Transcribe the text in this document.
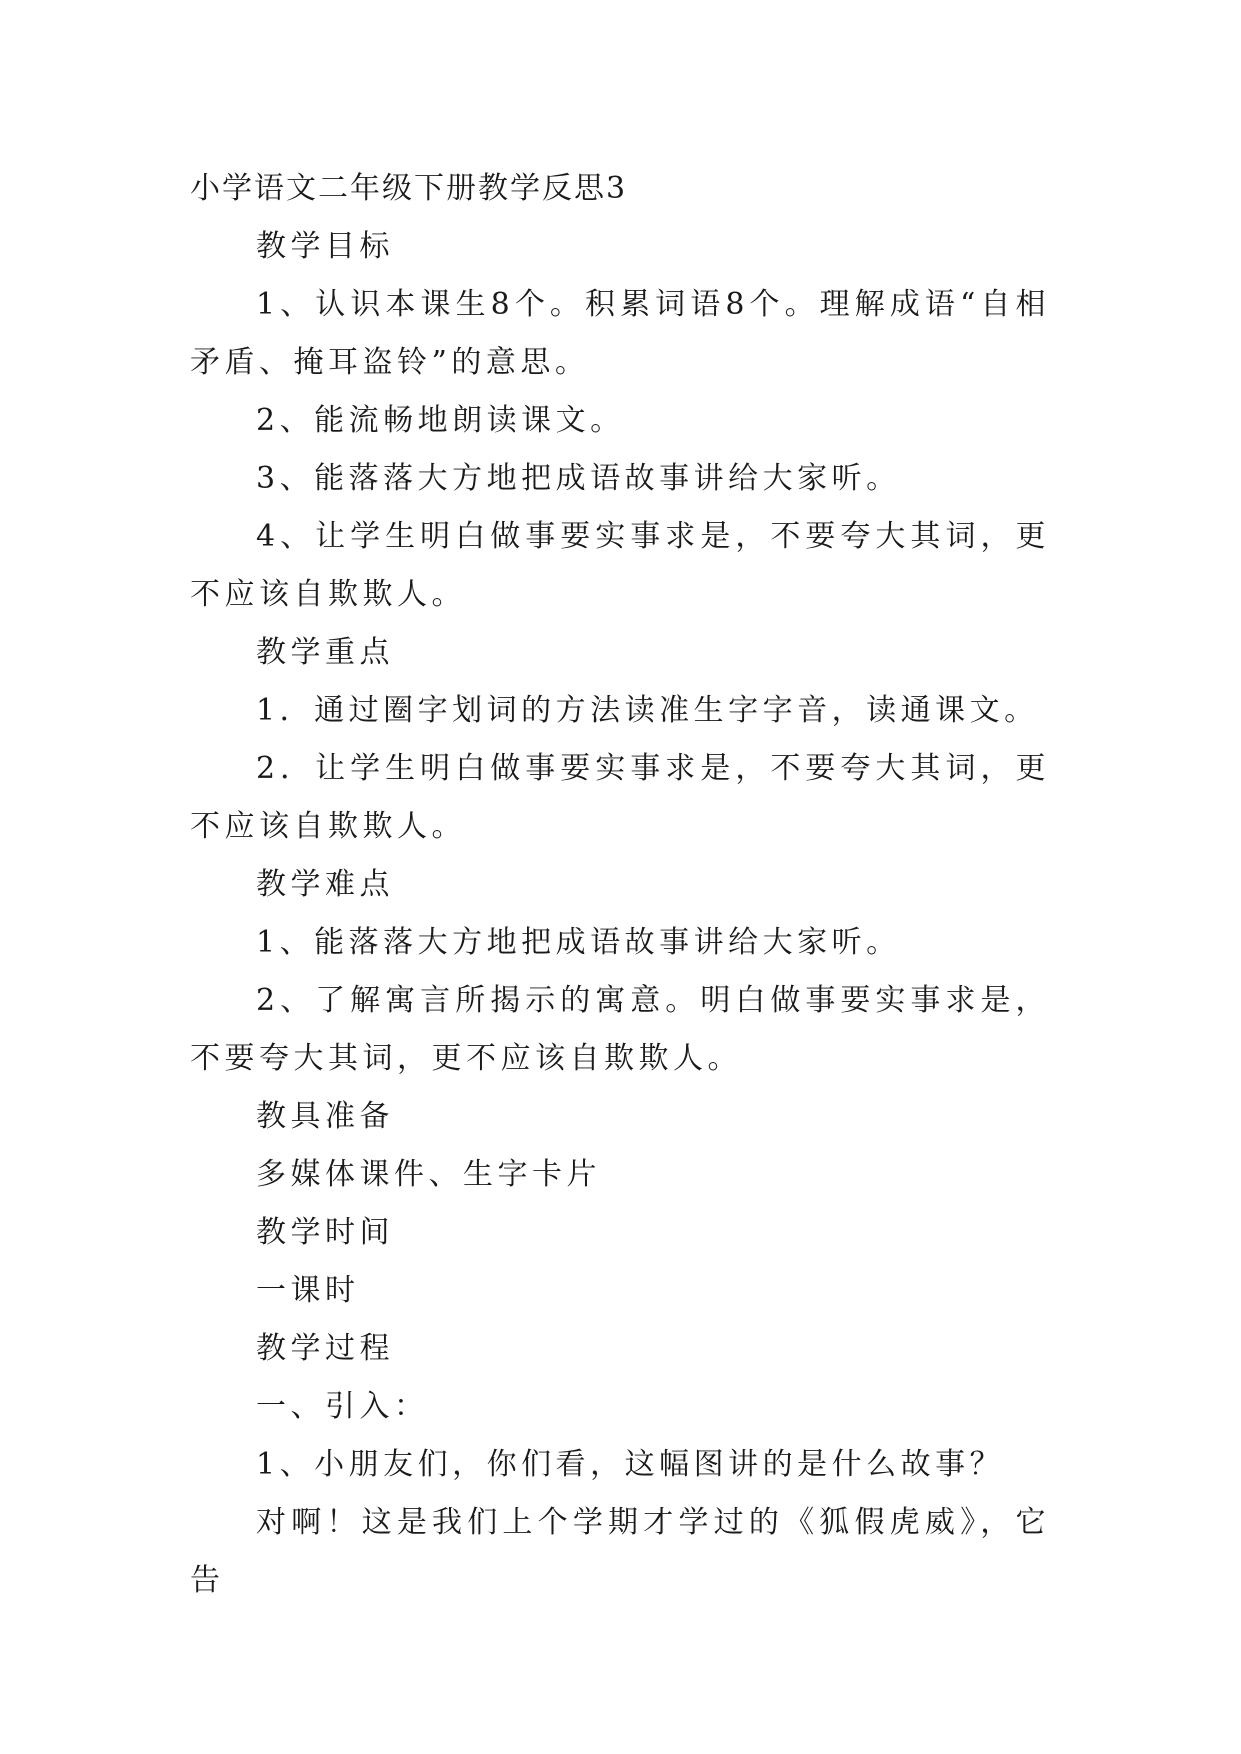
小学语文二年级下册教学反思3

教学目标

1、认识本课生8个。积累词语8个。理解成语“自相矛盾、掩耳盗铃”的意思。

2、能流畅地朗读课文。

3、能落落大方地把成语故事讲给大家听。

4、让学生明白做事要实事求是，不要夸大其词，更不应该自欺欺人。

教学重点

1．通过圈字划词的方法读准生字字音，读通课文。

2．让学生明白做事要实事求是，不要夸大其词，更不应该自欺欺人。

教学难点

1、能落落大方地把成语故事讲给大家听。

2、了解寓言所揭示的寓意。明白做事要实事求是，不要夸大其词，更不应该自欺欺人。

教具准备

多媒体课件、生字卡片

教学时间

一课时

教学过程

一、引入：

1、小朋友们，你们看，这幅图讲的是什么故事？

对啊！这是我们上个学期才学过的《狐假虎威》，它告
